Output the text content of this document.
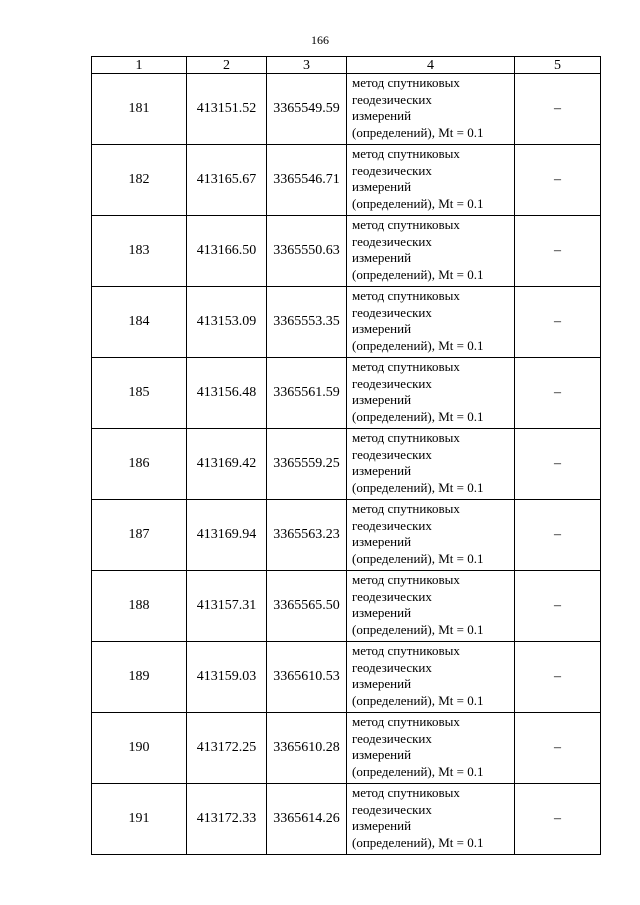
166
1	2	3	4	5
181	413151.52	3365549.59	метод спутниковых
геодезических
измерений
(определений), Mt = 0.1	–
182	413165.67	3365546.71	метод спутниковых
геодезических
измерений
(определений), Mt = 0.1	–
183	413166.50	3365550.63	метод спутниковых
геодезических
измерений
(определений), Mt = 0.1	–
184	413153.09	3365553.35	метод спутниковых
геодезических
измерений
(определений), Mt = 0.1	–
185	413156.48	3365561.59	метод спутниковых
геодезических
измерений
(определений), Mt = 0.1	–
186	413169.42	3365559.25	метод спутниковых
геодезических
измерений
(определений), Mt = 0.1	–
187	413169.94	3365563.23	метод спутниковых
геодезических
измерений
(определений), Mt = 0.1	–
188	413157.31	3365565.50	метод спутниковых
геодезических
измерений
(определений), Mt = 0.1	–
189	413159.03	3365610.53	метод спутниковых
геодезических
измерений
(определений), Mt = 0.1	–
190	413172.25	3365610.28	метод спутниковых
геодезических
измерений
(определений), Mt = 0.1	–
191	413172.33	3365614.26	метод спутниковых
геодезических
измерений
(определений), Mt = 0.1	–
